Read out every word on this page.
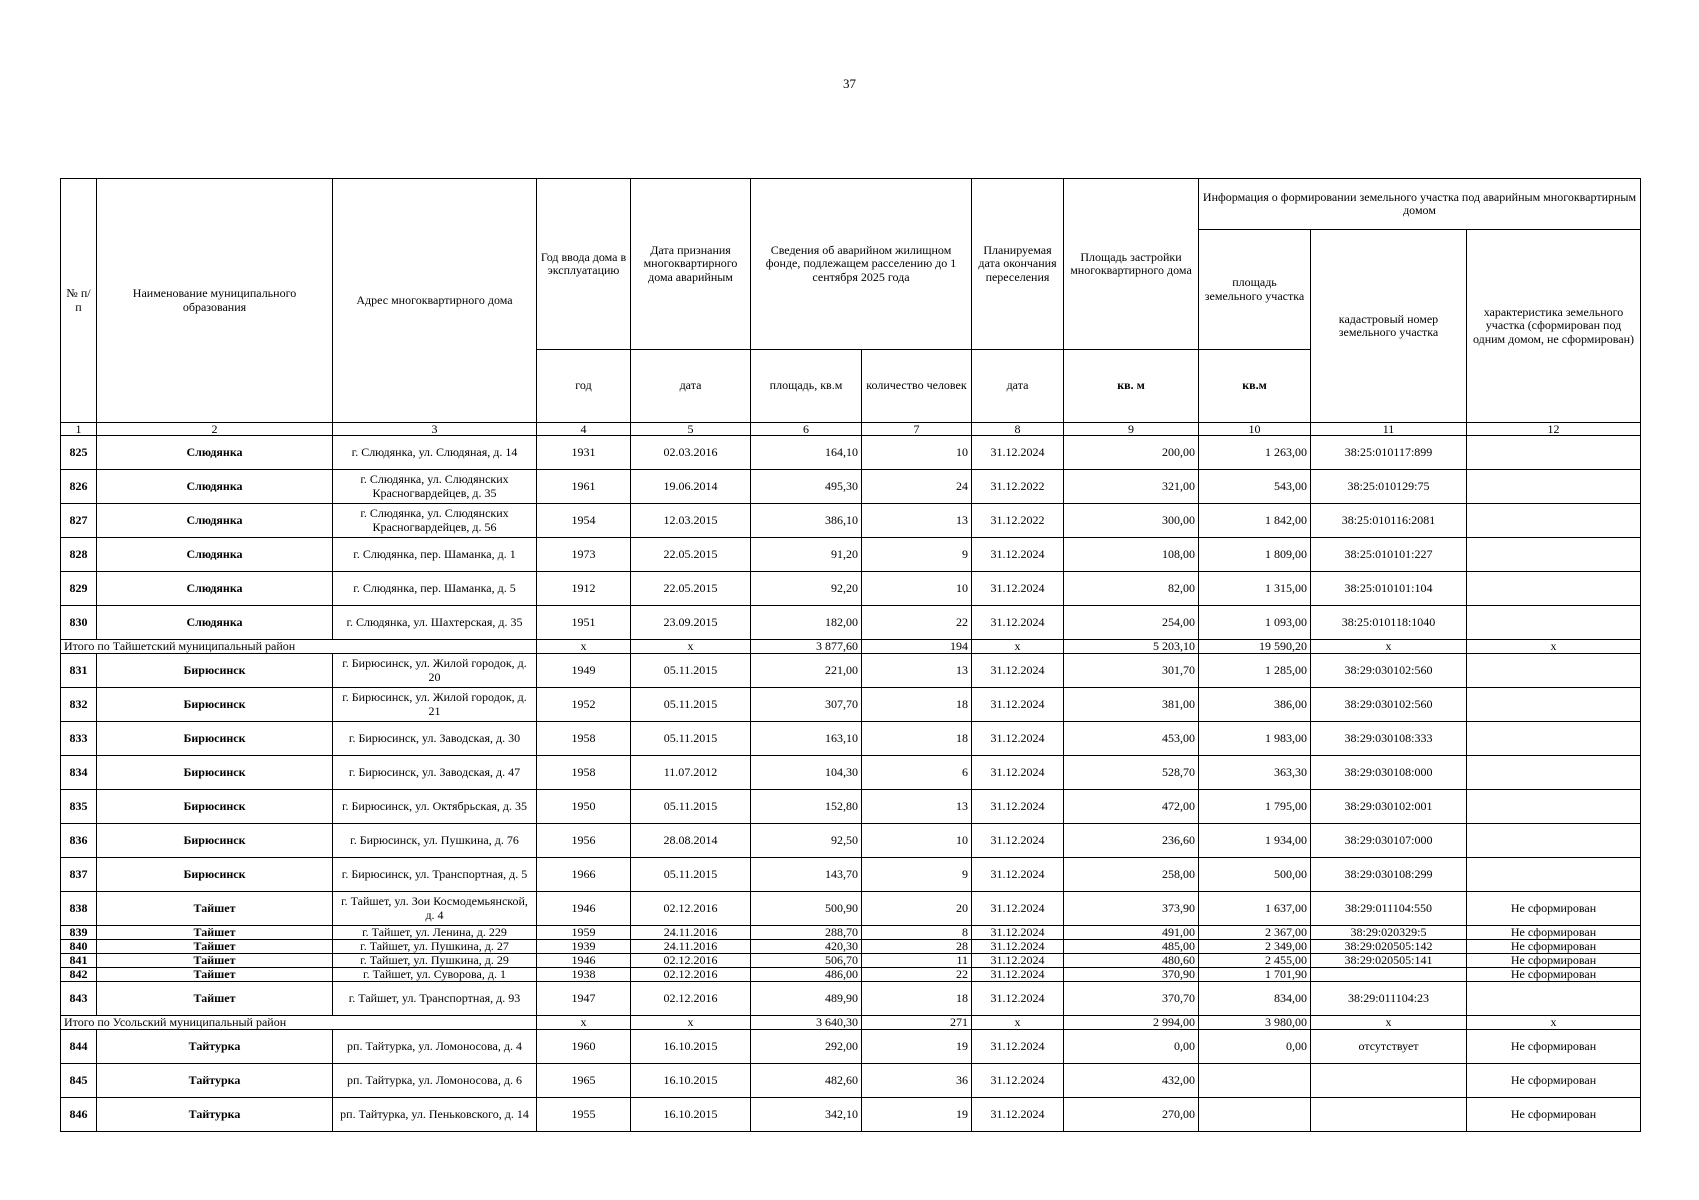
37
№ п/п	Наименование муниципального образования	Адрес многоквартирного дома	Год ввода дома в эксплуатацию	Дата признания многоквартирного дома аварийным	Сведения об аварийном жилищном фонде, подлежащем расселению до 1 сентября 2025 года		Планируемая дата окончания переселения	Площадь застройки многоквартирного дома	Информация о формировании земельного участка под аварийным многоквартирным домом		
									площадь земельного участка	кадастровый номер земельного участка	характеристика земельного участка (сформирован под одним домом, не сформирован)
			год	дата	площадь, кв.м	количество человек	дата	кв. м	кв.м		
1	2	3	4	5	6	7	8	9	10	11	12
825	Слюдянка	г. Слюдянка, ул. Слюдяная, д. 14	1931	02.03.2016	164,10	10	31.12.2024	200,00	1 263,00	38:25:010117:899	
826	Слюдянка	г. Слюдянка, ул. Слюдянских Красногвардейцев, д. 35	1961	19.06.2014	495,30	24	31.12.2022	321,00	543,00	38:25:010129:75	
827	Слюдянка	г. Слюдянка, ул. Слюдянских Красногвардейцев, д. 56	1954	12.03.2015	386,10	13	31.12.2022	300,00	1 842,00	38:25:010116:2081	
828	Слюдянка	г. Слюдянка, пер. Шаманка, д. 1	1973	22.05.2015	91,20	9	31.12.2024	108,00	1 809,00	38:25:010101:227	
829	Слюдянка	г. Слюдянка, пер. Шаманка, д. 5	1912	22.05.2015	92,20	10	31.12.2024	82,00	1 315,00	38:25:010101:104	
830	Слюдянка	г. Слюдянка, ул. Шахтерская, д. 35	1951	23.09.2015	182,00	22	31.12.2024	254,00	1 093,00	38:25:010118:1040	
Итого по Тайшетский муниципальный район			х	х	3 877,60	194	х	5 203,10	19 590,20	х	х
831	Бирюсинск	г. Бирюсинск, ул. Жилой городок, д. 20	1949	05.11.2015	221,00	13	31.12.2024	301,70	1 285,00	38:29:030102:560	
832	Бирюсинск	г. Бирюсинск, ул. Жилой городок, д. 21	1952	05.11.2015	307,70	18	31.12.2024	381,00	386,00	38:29:030102:560	
833	Бирюсинск	г. Бирюсинск, ул. Заводская, д. 30	1958	05.11.2015	163,10	18	31.12.2024	453,00	1 983,00	38:29:030108:333	
834	Бирюсинск	г. Бирюсинск, ул. Заводская, д. 47	1958	11.07.2012	104,30	6	31.12.2024	528,70	363,30	38:29:030108:000	
835	Бирюсинск	г. Бирюсинск, ул. Октябрьская, д. 35	1950	05.11.2015	152,80	13	31.12.2024	472,00	1 795,00	38:29:030102:001	
836	Бирюсинск	г. Бирюсинск, ул. Пушкина, д. 76	1956	28.08.2014	92,50	10	31.12.2024	236,60	1 934,00	38:29:030107:000	
837	Бирюсинск	г. Бирюсинск, ул. Транспортная, д. 5	1966	05.11.2015	143,70	9	31.12.2024	258,00	500,00	38:29:030108:299	
838	Тайшет	г. Тайшет, ул. Зои Космодемьянской, д. 4	1946	02.12.2016	500,90	20	31.12.2024	373,90	1 637,00	38:29:011104:550	Не сформирован
839	Тайшет	г. Тайшет, ул. Ленина, д. 229	1959	24.11.2016	288,70	8	31.12.2024	491,00	2 367,00	38:29:020329:5	Не сформирован
840	Тайшет	г. Тайшет, ул. Пушкина, д. 27	1939	24.11.2016	420,30	28	31.12.2024	485,00	2 349,00	38:29:020505:142	Не сформирован
841	Тайшет	г. Тайшет, ул. Пушкина, д. 29	1946	02.12.2016	506,70	11	31.12.2024	480,60	2 455,00	38:29:020505:141	Не сформирован
842	Тайшет	г. Тайшет, ул. Суворова, д. 1	1938	02.12.2016	486,00	22	31.12.2024	370,90	1 701,90		Не сформирован
843	Тайшет	г. Тайшет, ул. Транспортная, д. 93	1947	02.12.2016	489,90	18	31.12.2024	370,70	834,00	38:29:011104:23	
Итого по Усольский муниципальный район			х	х	3 640,30	271	х	2 994,00	3 980,00	х	х
844	Тайтурка	рп. Тайтурка, ул. Ломоносова, д. 4	1960	16.10.2015	292,00	19	31.12.2024	0,00	0,00	отсутствует	Не сформирован
845	Тайтурка	рп. Тайтурка, ул. Ломоносова, д. 6	1965	16.10.2015	482,60	36	31.12.2024	432,00			Не сформирован
846	Тайтурка	рп. Тайтурка, ул. Пеньковского, д. 14	1955	16.10.2015	342,10	19	31.12.2024	270,00			Не сформирован
